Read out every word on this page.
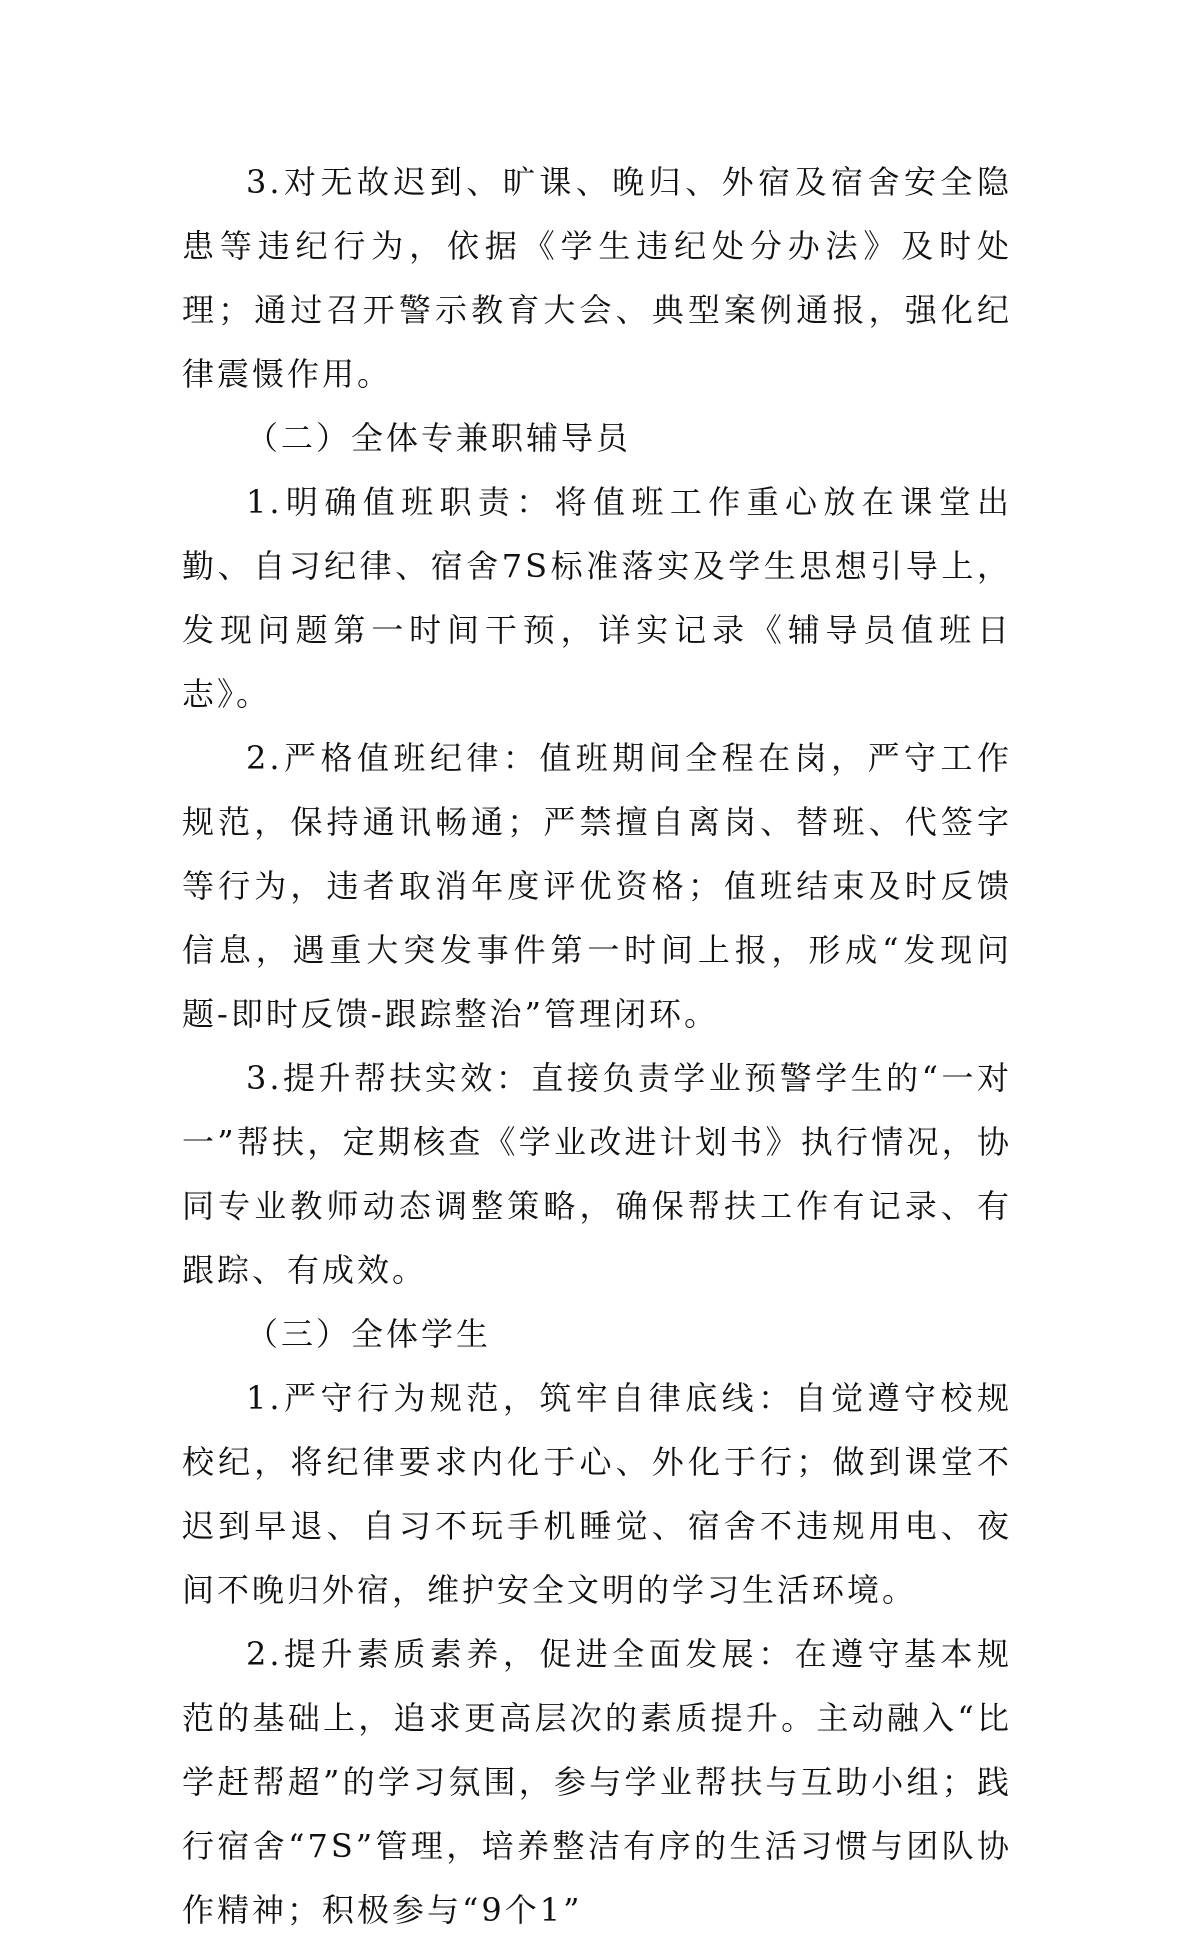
3.对无故迟到、旷课、晚归、外宿及宿舍安全隐患等违纪行为，依据《学生违纪处分办法》及时处理；通过召开警示教育大会、典型案例通报，强化纪律震慑作用。

（二）全体专兼职辅导员

1.明确值班职责：将值班工作重心放在课堂出勤、自习纪律、宿舍7S标准落实及学生思想引导上，发现问题第一时间干预，详实记录《辅导员值班日志》。

2.严格值班纪律：值班期间全程在岗，严守工作规范，保持通讯畅通；严禁擅自离岗、替班、代签字等行为，违者取消年度评优资格；值班结束及时反馈信息，遇重大突发事件第一时间上报，形成“发现问题-即时反馈-跟踪整治”管理闭环。

3.提升帮扶实效：直接负责学业预警学生的“一对一”帮扶，定期核查《学业改进计划书》执行情况，协同专业教师动态调整策略，确保帮扶工作有记录、有跟踪、有成效。

（三）全体学生

1.严守行为规范，筑牢自律底线：自觉遵守校规校纪，将纪律要求内化于心、外化于行；做到课堂不迟到早退、自习不玩手机睡觉、宿舍不违规用电、夜间不晚归外宿，维护安全文明的学习生活环境。

2.提升素质素养，促进全面发展：在遵守基本规范的基础上，追求更高层次的素质提升。主动融入“比学赶帮超”的学习氛围，参与学业帮扶与互助小组；践行宿舍“7S”管理，培养整洁有序的生活习惯与团队协作精神；积极参与“9个1”
